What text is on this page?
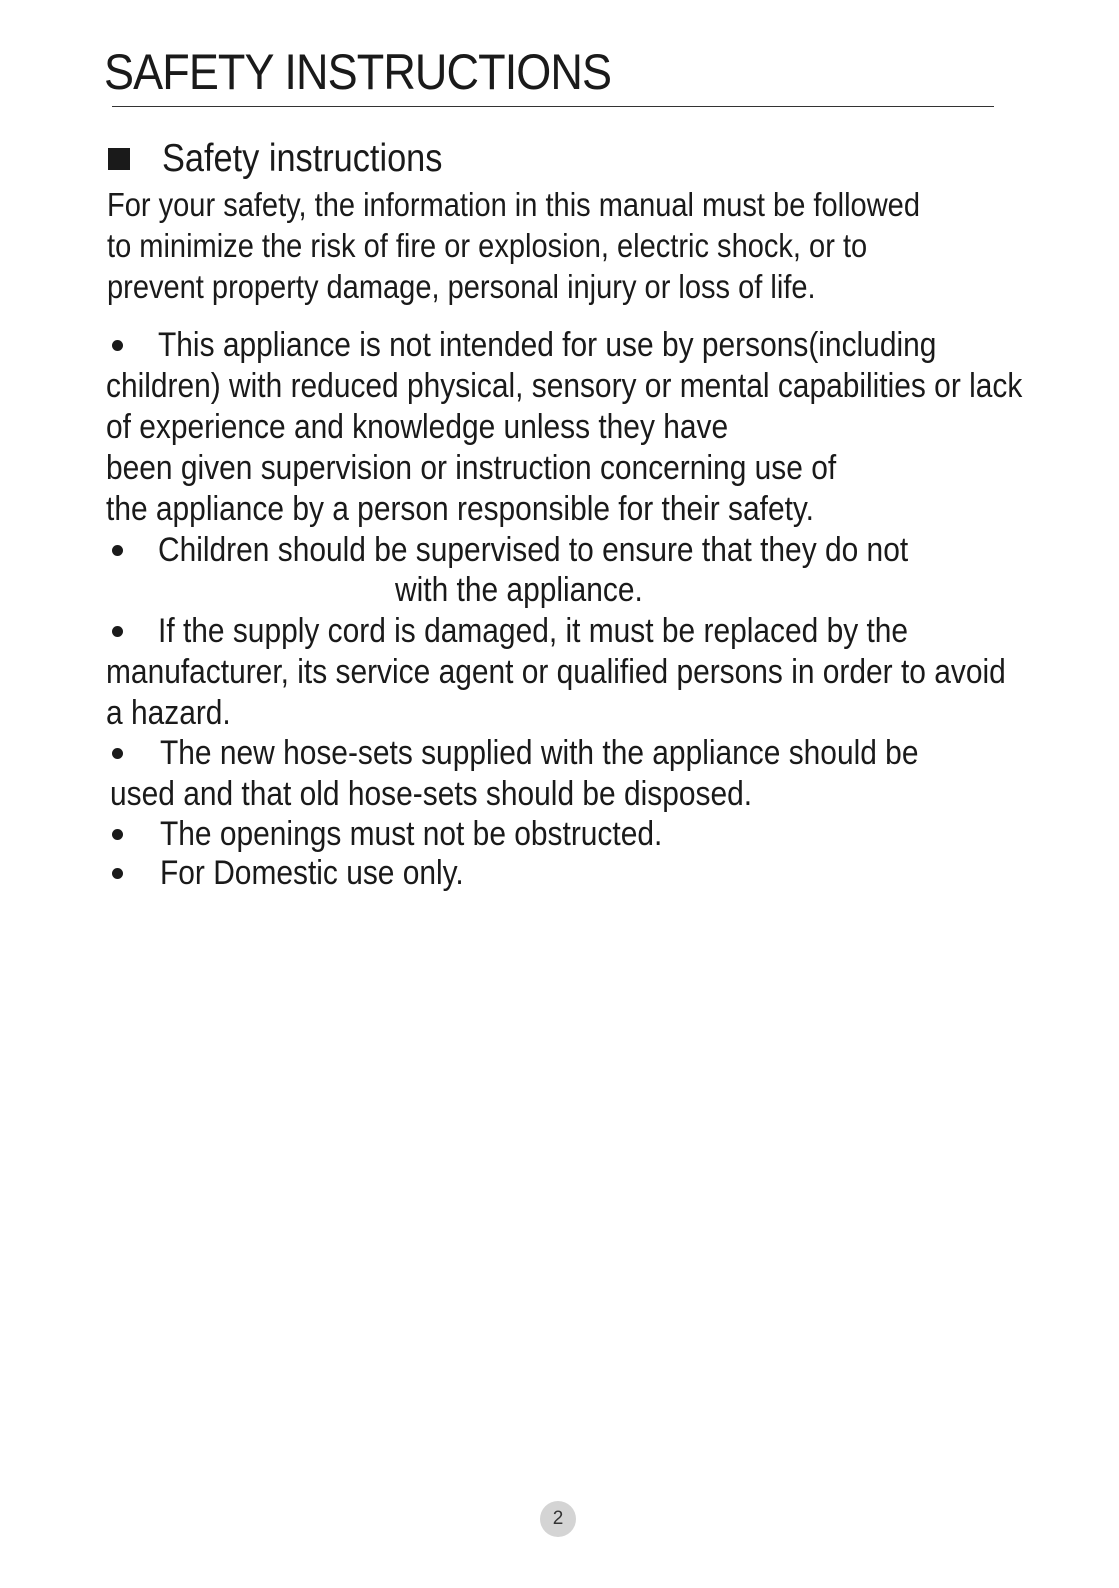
SAFETY INSTRUCTIONS
Safety instructions
For your safety, the information in this manual must be followed
to minimize the risk of fire or explosion, electric shock, or to
prevent property damage, personal injury or loss of life.
This appliance is not intended for use by persons(including
children) with reduced physical, sensory or mental capabilities or lack
of experience and knowledge unless they have
been given supervision or instruction concerning use of
the appliance by a person responsible for their safety.
Children should be supervised to ensure that they do not
with the appliance.
If the supply cord is damaged, it must be replaced by the
manufacturer, its service agent or qualified persons in order to avoid
a hazard.
The new hose-sets supplied with the appliance should be
used and that old hose-sets should be disposed.
The openings must not be obstructed.
For Domestic use only.
2
